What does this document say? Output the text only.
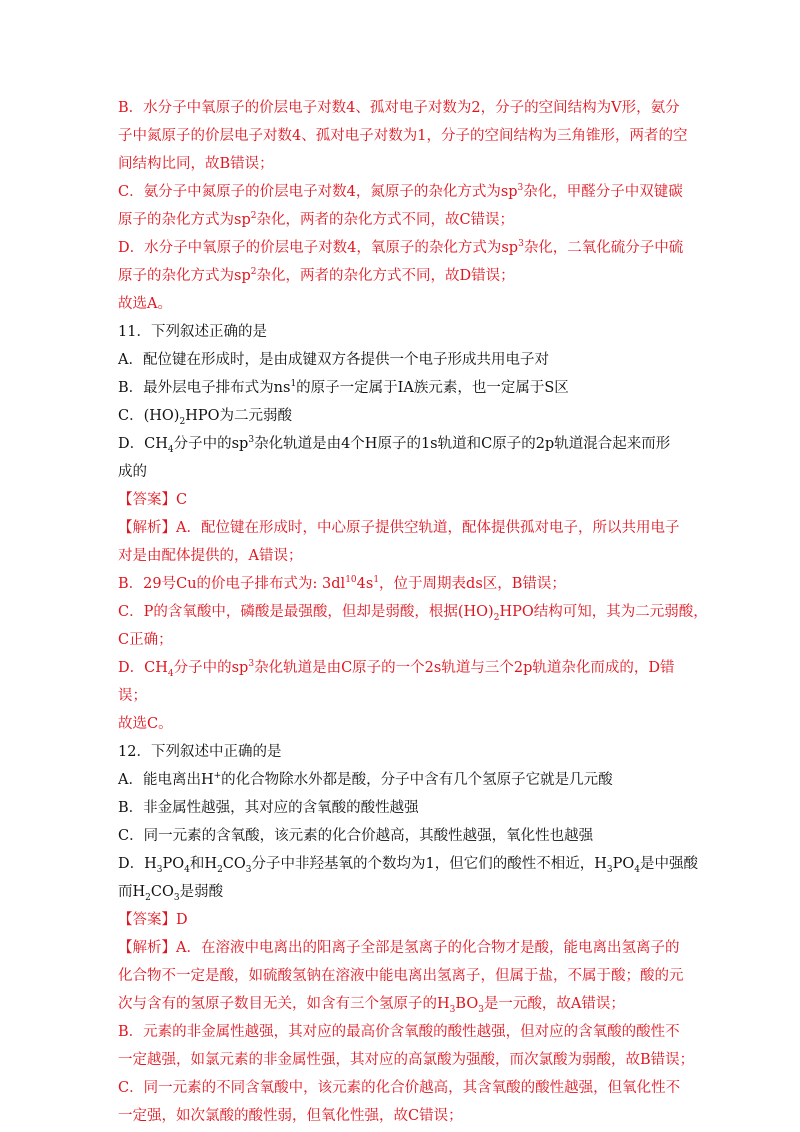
B．水分子中氧原子的价层电子对数4、孤对电子对数为2，分子的空间结构为V形，氨分
子中氮原子的价层电子对数4、孤对电子对数为1，分子的空间结构为三角锥形，两者的空
间结构比同，故B错误；
C．氨分子中氮原子的价层电子对数4，氮原子的杂化方式为$sp^3$杂化，甲醛分子中双键碳
原子的杂化方式为$sp^2$杂化，两者的杂化方式不同，故C错误；
D．水分子中氧原子的价层电子对数4，氧原子的杂化方式为$sp^3$杂化，二氧化硫分子中硫
原子的杂化方式为$sp^2$杂化，两者的杂化方式不同，故D错误；
故选A。
11．下列叙述正确的是
A．配位键在形成时，是由成键双方各提供一个电子形成共用电子对
B．最外层电子排布式为$ns^1$的原子一定属于ⅠA族元素，也一定属于S区
C．$(HO)_2HPO$为二元弱酸
D．$CH_4$分子中的$sp^3$杂化轨道是由4个H原子的1s轨道和C原子的2p轨道混合起来而形
成的
【答案】C
【解析】A．配位键在形成时，中心原子提供空轨道，配体提供孤对电子，所以共用电子
对是由配体提供的，A错误；
B．29号Cu的价电子排布式为: $3dl^{10}4s^1$，位于周期表ds区，B错误；
C．P的含氧酸中，磷酸是最强酸，但却是弱酸，根据$(HO)_2HPO$结构可知，其为二元弱酸，
C正确；
D．$CH_4$分子中的$sp^3$杂化轨道是由C原子的一个2s轨道与三个2p轨道杂化而成的，D错
误；
故选C。
12．下列叙述中正确的是
A．能电离出H+的化合物除水外都是酸，分子中含有几个氢原子它就是几元酸
B．非金属性越强，其对应的含氧酸的酸性越强
C．同一元素的含氧酸，该元素的化合价越高，其酸性越强，氧化性也越强
D．$H_3PO_4$和$H_2CO_3$分子中非羟基氧的个数均为1，但它们的酸性不相近，$H_3PO_4$是中强酸
而$H_2CO_3$是弱酸
【答案】D
【解析】A．在溶液中电离出的阳离子全部是氢离子的化合物才是酸，能电离出氢离子的
化合物不一定是酸，如硫酸氢钠在溶液中能电离出氢离子，但属于盐，不属于酸；酸的元
次与含有的氢原子数目无关，如含有三个氢原子的$H_3BO_3$是一元酸，故A错误；
B．元素的非金属性越强，其对应的最高价含氧酸的酸性越强，但对应的含氧酸的酸性不
一定越强，如氯元素的非金属性强，其对应的高氯酸为强酸，而次氯酸为弱酸，故B错误；
C．同一元素的不同含氧酸中，该元素的化合价越高，其含氧酸的酸性越强，但氧化性不
一定强，如次氯酸的酸性弱，但氧化性强，故C错误；
